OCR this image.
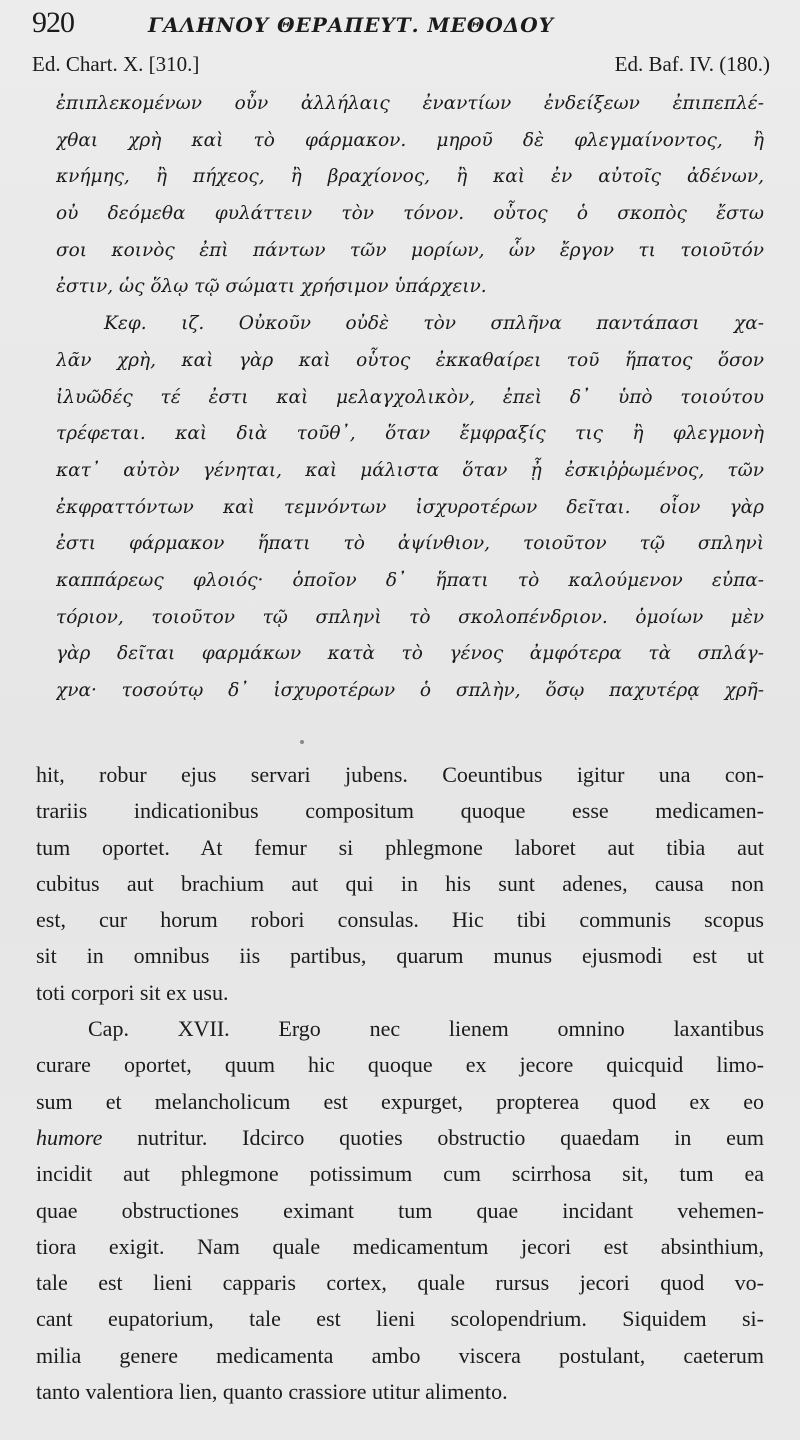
920	ΓΑΛΗΝΟΥ ΘΕΡΑΠΕΥΤ. ΜΕΘΟΔΟΥ
Ed. Chart. X. [310.]	Ed. Baf. IV. (180.)
ἐπιπλεκομένων οὖν ἀλλήλαις ἐναντίων ἐνδείξεων ἐπιπεπλέ-
χθαι χρὴ καὶ τὸ φάρμακον. μηροῦ δὲ φλεγμαίνοντος, ἢ
κνήμης, ἢ πήχεος, ἢ βραχίονος, ἢ καὶ ἐν αὐτοῖς ἀδένων,
οὐ δεόμεθα φυλάττειν τὸν τόνον. οὗτος ὁ σκοπὸς ἔστω
σοι κοινὸς ἐπὶ πάντων τῶν μορίων, ὧν ἔργον τι τοιοῦτόν
ἐστιν, ὡς ὅλῳ τῷ σώματι χρήσιμον ὑπάρχειν.
Κεφ. ιζ. Οὐκοῦν οὐδὲ τὸν σπλῆνα παντάπασι χα-
λᾶν χρὴ, καὶ γὰρ καὶ οὗτος ἐκκαθαίρει τοῦ ἥπατος ὅσον
ἰλυῶδές τέ ἐστι καὶ μελαγχολικὸν, ἐπεὶ δ᾽ ὑπὸ τοιούτου
τρέφεται. καὶ διὰ τοῦθ᾽, ὅταν ἔμφραξίς τις ἢ φλεγμονὴ
κατ᾽ αὐτὸν γένηται, καὶ μάλιστα ὅταν ᾖ ἐσκιῤῥωμένος, τῶν
ἐκφραττόντων καὶ τεμνόντων ἰσχυροτέρων δεῖται. οἷον γὰρ
ἐστι φάρμακον ἥπατι τὸ ἀψίνθιον, τοιοῦτον τῷ σπληνὶ
καππάρεως φλοιός· ὁποῖον δ᾽ ἥπατι τὸ καλούμενον εὐπα-
τόριον, τοιοῦτον τῷ σπληνὶ τὸ σκολοπένδριον. ὁμοίων μὲν
γὰρ δεῖται φαρμάκων κατὰ τὸ γένος ἀμφότερα τὰ σπλάγ-
χνα· τοσούτῳ δ᾽ ἰσχυροτέρων ὁ σπλὴν, ὅσῳ παχυτέρᾳ χρῆ-
hit, robur ejus servari jubens. Coeuntibus igitur una con-
trariis indicationibus compositum quoque esse medicamen-
tum oportet. At femur si phlegmone laboret aut tibia aut
cubitus aut brachium aut qui in his sunt adenes, causa non
est, cur horum robori consulas. Hic tibi communis scopus
sit in omnibus iis partibus, quarum munus ejusmodi est ut
toti corpori sit ex usu.
Cap. XVII. Ergo nec lienem omnino laxantibus
curare oportet, quum hic quoque ex jecore quicquid limo-
sum et melancholicum est expurget, propterea quod ex eo
humore nutritur. Idcirco quoties obstructio quaedam in eum
incidit aut phlegmone potissimum cum scirrhosa sit, tum ea
quae obstructiones eximant tum quae incidant vehemen-
tiora exigit. Nam quale medicamentum jecori est absinthium,
tale est lieni capparis cortex, quale rursus jecori quod vo-
cant eupatorium, tale est lieni scolopendrium. Siquidem si-
milia genere medicamenta ambo viscera postulant, caeterum
tanto valentiora lien, quanto crassiore utitur alimento.
